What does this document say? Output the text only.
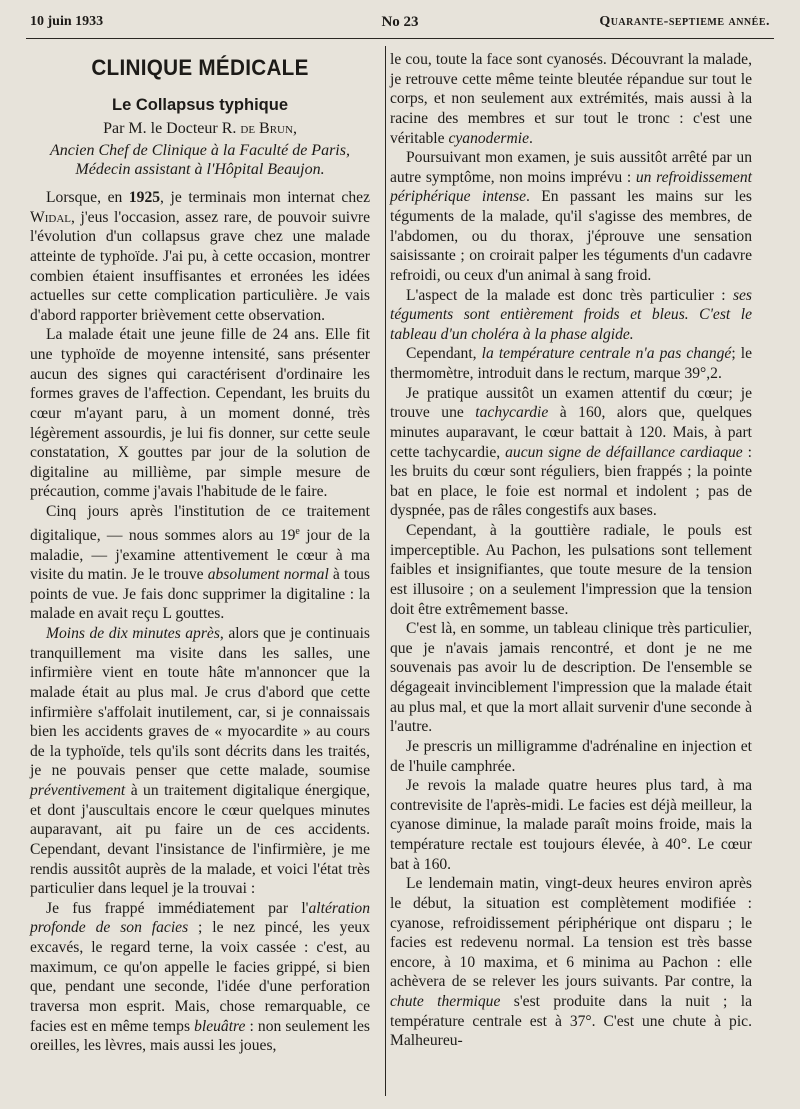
10 juin 1933	No 23	Quarante-septieme année.
CLINIQUE MÉDICALE
Le Collapsus typhique
Par M. le Docteur R. de Brun,
Ancien Chef de Clinique à la Faculté de Paris,
Médecin assistant à l'Hôpital Beaujon.

Lorsque, en 1925, je terminais mon internat chez Widal, j'eus l'occasion, assez rare, de pouvoir suivre l'évolution d'un collapsus grave chez une malade atteinte de typhoïde. J'ai pu, à cette occasion, montrer combien étaient insuffisantes et erronées les idées actuelles sur cette complication particulière. Je vais d'abord rapporter brièvement cette observation.

La malade était une jeune fille de 24 ans. Elle fit une typhoïde de moyenne intensité, sans présenter aucun des signes qui caractérisent d'ordinaire les formes graves de l'affection. Cependant, les bruits du cœur m'ayant paru, à un moment donné, très légèrement assourdis, je lui fis donner, sur cette seule constatation, X gouttes par jour de la solution de digitaline au millième, par simple mesure de précaution, comme j'avais l'habitude de le faire.

Cinq jours après l'institution de ce traitement digitalique, — nous sommes alors au 19e jour de la maladie, — j'examine attentivement le cœur à ma visite du matin. Je le trouve absolument normal à tous points de vue. Je fais donc supprimer la digitaline : la malade en avait reçu L gouttes.

Moins de dix minutes après, alors que je continuais tranquillement ma visite dans les salles, une infirmière vient en toute hâte m'annoncer que la malade était au plus mal. Je crus d'abord que cette infirmière s'affolait inutilement, car, si je connaissais bien les accidents graves de « myocardite » au cours de la typhoïde, tels qu'ils sont décrits dans les traités, je ne pouvais penser que cette malade, soumise préventivement à un traitement digitalique énergique, et dont j'auscultais encore le cœur quelques minutes auparavant, ait pu faire un de ces accidents. Cependant, devant l'insistance de l'infirmière, je me rendis aussitôt auprès de la malade, et voici l'état très particulier dans lequel je la trouvai :

Je fus frappé immédiatement par l'altération profonde de son facies ; le nez pincé, les yeux excavés, le regard terne, la voix cassée : c'est, au maximum, ce qu'on appelle le facies grippé, si bien que, pendant une seconde, l'idée d'une perforation traversa mon esprit. Mais, chose remarquable, ce facies est en même temps bleuâtre : non seulement les oreilles, les lèvres, mais aussi les joues,

le cou, toute la face sont cyanosés. Découvrant la malade, je retrouve cette même teinte bleutée répandue sur tout le corps, et non seulement aux extrémités, mais aussi à la racine des membres et sur tout le tronc : c'est une véritable cyanodermie.

Poursuivant mon examen, je suis aussitôt arrêté par un autre symptôme, non moins imprévu : un refroidissement périphérique intense. En passant les mains sur les téguments de la malade, qu'il s'agisse des membres, de l'abdomen, ou du thorax, j'éprouve une sensation saisissante ; on croirait palper les téguments d'un cadavre refroidi, ou ceux d'un animal à sang froid.

L'aspect de la malade est donc très particulier : ses téguments sont entièrement froids et bleus. C'est le tableau d'un choléra à la phase algide.

Cependant, la température centrale n'a pas changé; le thermomètre, introduit dans le rectum, marque 39°,2.

Je pratique aussitôt un examen attentif du cœur; je trouve une tachycardie à 160, alors que, quelques minutes auparavant, le cœur battait à 120. Mais, à part cette tachycardie, aucun signe de défaillance cardiaque : les bruits du cœur sont réguliers, bien frappés ; la pointe bat en place, le foie est normal et indolent ; pas de dyspnée, pas de râles congestifs aux bases.

Cependant, à la gouttière radiale, le pouls est imperceptible. Au Pachon, les pulsations sont tellement faibles et insignifiantes, que toute mesure de la tension est illusoire ; on a seulement l'impression que la tension doit être extrêmement basse.

C'est là, en somme, un tableau clinique très particulier, que je n'avais jamais rencontré, et dont je ne me souvenais pas avoir lu de description. De l'ensemble se dégageait invinciblement l'impression que la malade était au plus mal, et que la mort allait survenir d'une seconde à l'autre.

Je prescris un milligramme d'adrénaline en injection et de l'huile camphrée.

Je revois la malade quatre heures plus tard, à ma contrevisite de l'après-midi. Le facies est déjà meilleur, la cyanose diminue, la malade paraît moins froide, mais la température rectale est toujours élevée, à 40°. Le cœur bat à 160.

Le lendemain matin, vingt-deux heures environ après le début, la situation est complètement modifiée : cyanose, refroidissement périphérique ont disparu ; le facies est redevenu normal. La tension est très basse encore, à 10 maxima, et 6 minima au Pachon : elle achèvera de se relever les jours suivants. Par contre, la chute thermique s'est produite dans la nuit ; la température centrale est à 37°. C'est une chute à pic. Malheureu-
